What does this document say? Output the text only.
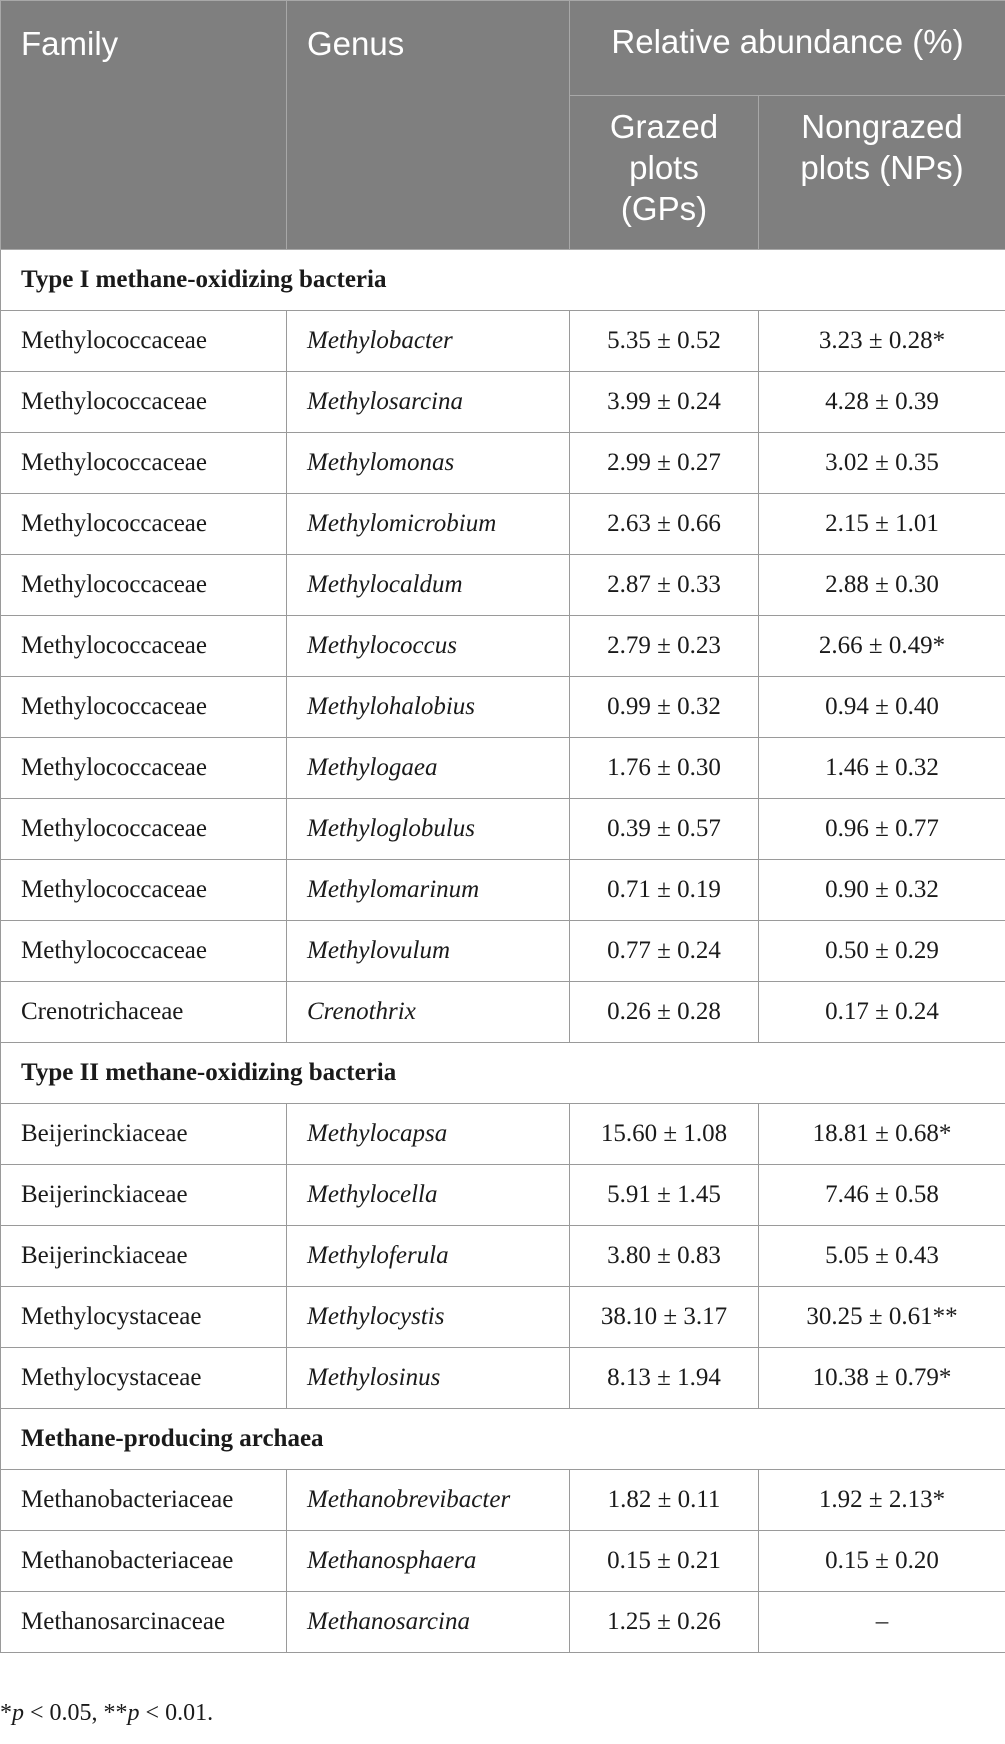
Family	Genus	Relative abundance (%)	
		Grazed plots (GPs)	Nongrazed plots (NPs)
Type I methane-oxidizing bacteria			
Methylococcaceae	Methylobacter	5.35 ± 0.52	3.23 ± 0.28*
Methylococcaceae	Methylosarcina	3.99 ± 0.24	4.28 ± 0.39
Methylococcaceae	Methylomonas	2.99 ± 0.27	3.02 ± 0.35
Methylococcaceae	Methylomicrobium	2.63 ± 0.66	2.15 ± 1.01
Methylococcaceae	Methylocaldum	2.87 ± 0.33	2.88 ± 0.30
Methylococcaceae	Methylococcus	2.79 ± 0.23	2.66 ± 0.49*
Methylococcaceae	Methylohalobius	0.99 ± 0.32	0.94 ± 0.40
Methylococcaceae	Methylogaea	1.76 ± 0.30	1.46 ± 0.32
Methylococcaceae	Methyloglobulus	0.39 ± 0.57	0.96 ± 0.77
Methylococcaceae	Methylomarinum	0.71 ± 0.19	0.90 ± 0.32
Methylococcaceae	Methylovulum	0.77 ± 0.24	0.50 ± 0.29
Crenotrichaceae	Crenothrix	0.26 ± 0.28	0.17 ± 0.24
Type II methane-oxidizing bacteria			
Beijerinckiaceae	Methylocapsa	15.60 ± 1.08	18.81 ± 0.68*
Beijerinckiaceae	Methylocella	5.91 ± 1.45	7.46 ± 0.58
Beijerinckiaceae	Methyloferula	3.80 ± 0.83	5.05 ± 0.43
Methylocystaceae	Methylocystis	38.10 ± 3.17	30.25 ± 0.61**
Methylocystaceae	Methylosinus	8.13 ± 1.94	10.38 ± 0.79*
Methane-producing archaea			
Methanobacteriaceae	Methanobrevibacter	1.82 ± 0.11	1.92 ± 2.13*
Methanobacteriaceae	Methanosphaera	0.15 ± 0.21	0.15 ± 0.20
Methanosarcinaceae	Methanosarcina	1.25 ± 0.26	–
*p < 0.05, **p < 0.01.
